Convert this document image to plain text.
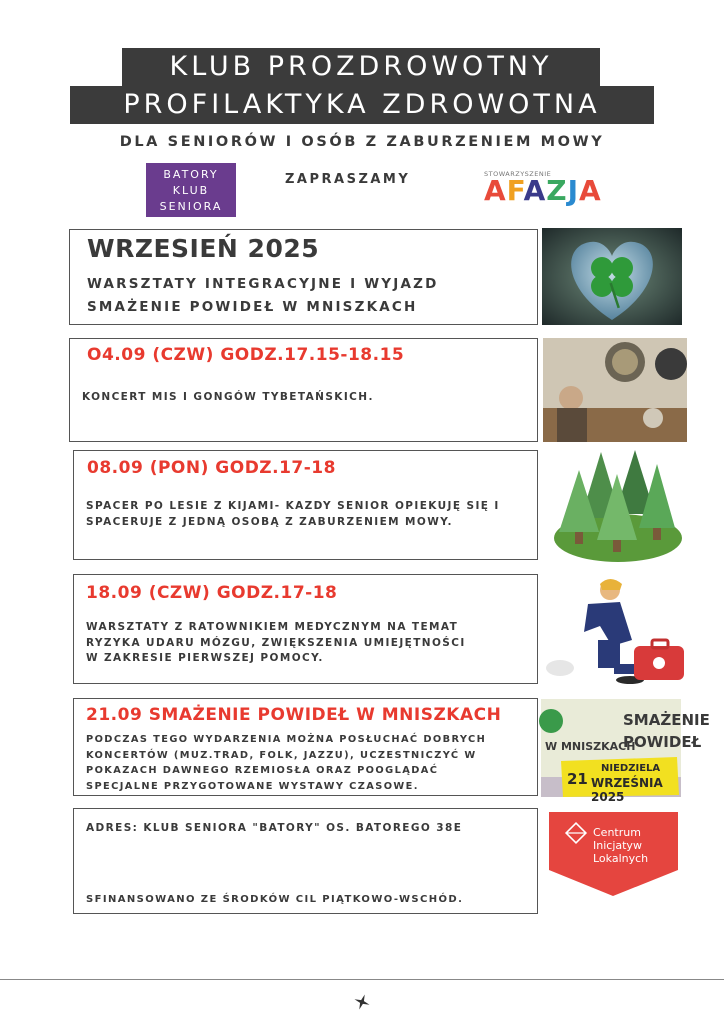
KLUB PROZDROWOTNY
PROFILAKTYKA ZDROWOTNA
DLA SENIORÓW I OSÓB Z ZABURZENIEM MOWY
BATORY
KLUB
SENIORA
ZAPRASZAMY	STOWARZYSZENIE
AFAZJA
WRZESIEŃ 2025
WARSZTATY INTEGRACYJNE I WYJAZD
SMAŻENIE POWIDEŁ W MNISZKACH
O4.09 (CZW) GODZ.17.15-18.15
KONCERT MIS I GONGÓW TYBETAŃSKICH.
08.09 (PON) GODZ.17-18
SPACER PO LESIE Z KIJAMI- KAZDY SENIOR OPIEKUJĘ SIĘ I
SPACERUJE Z JEDNĄ OSOBĄ Z ZABURZENIEM MOWY.
18.09 (CZW) GODZ.17-18
WARSZTATY Z RATOWNIKIEM MEDYCZNYM NA TEMAT
RYZYKA UDARU MÓZGU, ZWIĘKSZENIA UMIEJĘTNOŚCI
W ZAKRESIE PIERWSZEJ POMOCY.
21.09 SMAŻENIE POWIDEŁ W MNISZKACH
PODCZAS TEGO WYDARZENIA MOŻNA POSŁUCHAĆ DOBRYCH
KONCERTÓW (MUZ.TRAD, FOLK, JAZZU), UCZESTNICZYĆ W
POKAZACH DAWNEGO RZEMIOSŁA ORAZ POOGLĄDAĆ
SPECJALNE PRZYGOTOWANE WYSTAWY CZASOWE.
SMAŻENIE
POWIDEŁ
W MNISZKACH
21
NIEDZIELA
WRZEŚNIA 2025
ADRES: KLUB SENIORA "BATORY" OS. BATOREGO 38E
SFINANSOWANO ZE ŚRODKÓW CIL PIĄTKOWO-WSCHÓD.
Centrum
Inicjatyw
Lokalnych
